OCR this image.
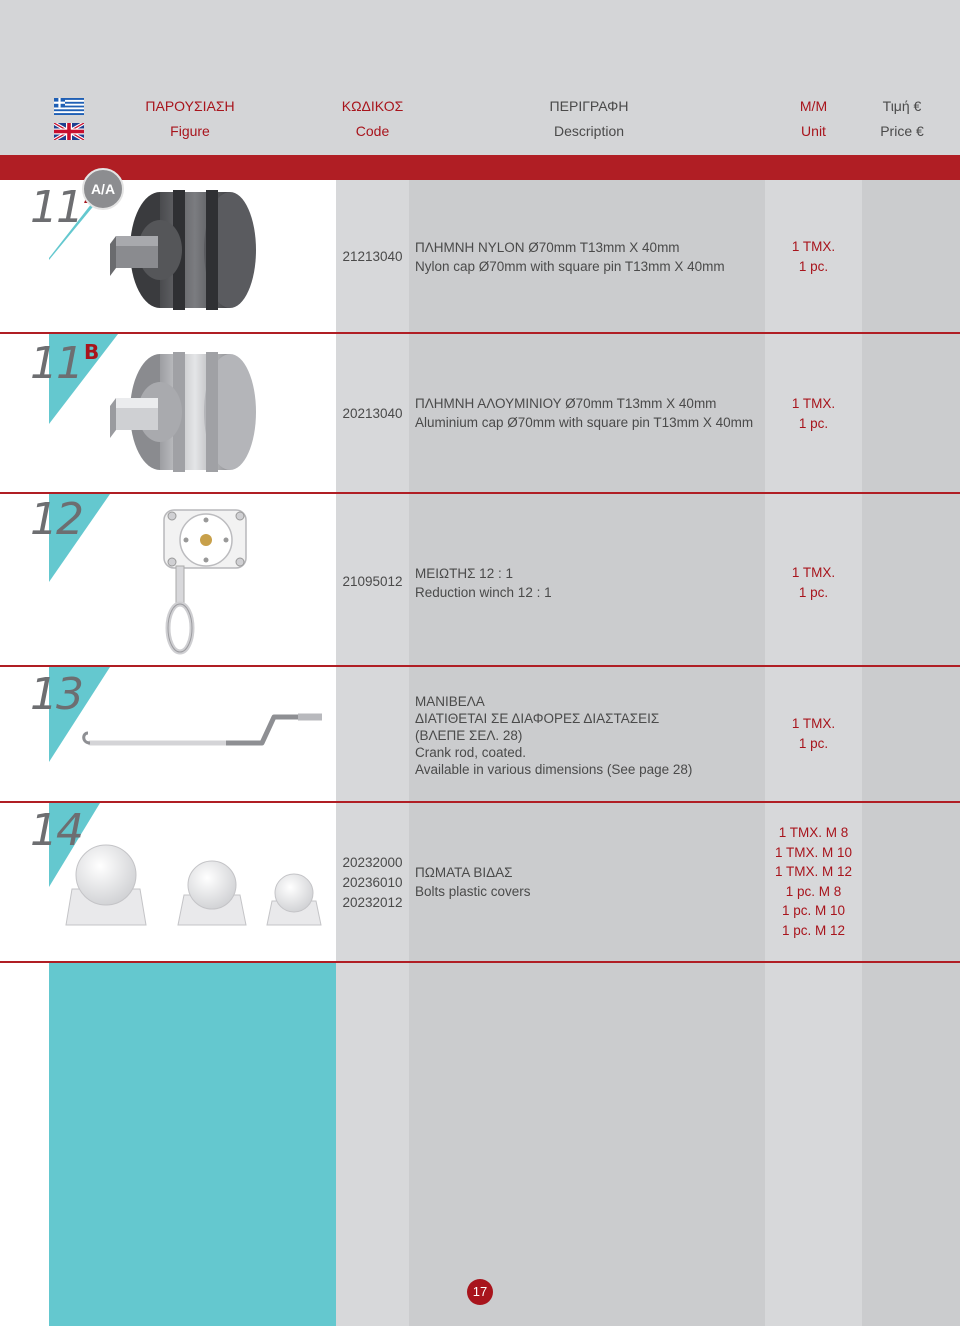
ΠΑΡΟΥΣΙΑΣΗ
Figure
ΚΩΔΙΚΟΣ
Code
ΠΕΡΙΓΡΑΦΗ
Description
Μ/Μ
Unit
Τιμή €
Price €
11
21213040
ΠΛΗΜΝΗ NYLON Ø70mm T13mm X 40mm
Nylon cap Ø70mm with square pin T13mm X 40mm
1 TMX.
1 pc.
A/A
11 $^B$
20213040
ΠΛΗΜΝΗ ΑΛΟΥΜΙΝΙΟΥ Ø70mm T13mm X 40mm
Aluminium cap Ø70mm with square pin T13mm X 40mm
1 TMX.
1 pc.
12
21095012
ΜΕΙΩΤΗΣ 12 : 1
Reduction winch 12 : 1
1 TMX.
1 pc.
13	ΜΑΝΙΒΕΛΑ
ΔΙΑΤΙΘΕΤΑΙ ΣΕ ΔΙΑΦΟΡΕΣ ΔΙΑΣΤΑΣΕΙΣ
(ΒΛΕΠΕ ΣΕΛ. 28)
Crank rod, coated.
Available in various dimensions (See page 28)
1 TMX.
1 pc.
14
20232000
20236010
20232012
ΠΩΜΑΤΑ ΒΙΔΑΣ
Bolts plastic covers
1 TMX. M 8
1 TMX. M 10
1 TMX. M 12
1 pc. M 8
1 pc. M 10
1 pc. M 12
17
